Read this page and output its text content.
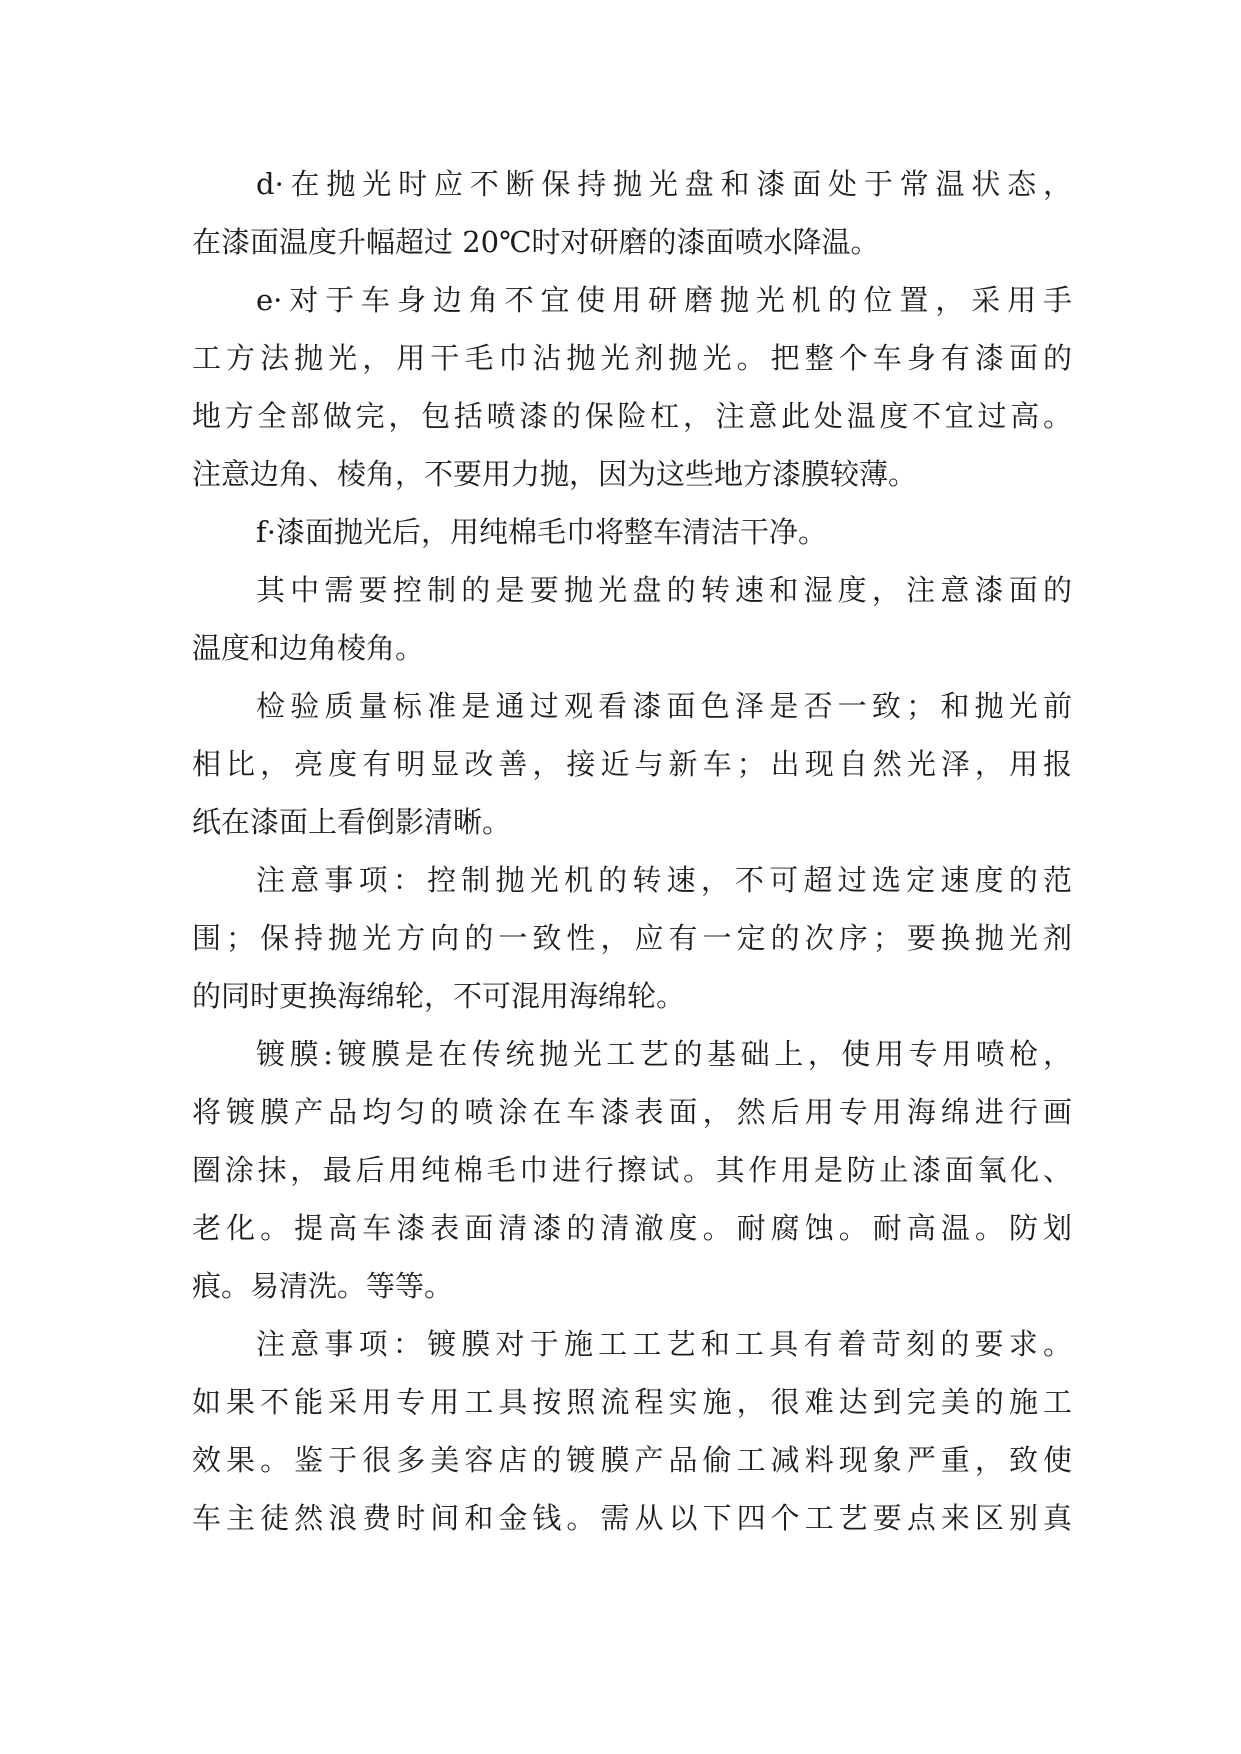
d·在抛光时应不断保持抛光盘和漆面处于常温状态，
在漆面温度升幅超过 20℃时对研磨的漆面喷水降温。
e·对于车身边角不宜使用研磨抛光机的位置，采用手
工方法抛光，用干毛巾沾抛光剂抛光。把整个车身有漆面的
地方全部做完，包括喷漆的保险杠，注意此处温度不宜过高。
注意边角、棱角，不要用力抛，因为这些地方漆膜较薄。
f·漆面抛光后，用纯棉毛巾将整车清洁干净。
其中需要控制的是要抛光盘的转速和湿度，注意漆面的
温度和边角棱角。
检验质量标准是通过观看漆面色泽是否一致；和抛光前
相比，亮度有明显改善，接近与新车；出现自然光泽，用报
纸在漆面上看倒影清晰。
注意事项：控制抛光机的转速，不可超过选定速度的范
围；保持抛光方向的一致性，应有一定的次序；要换抛光剂
的同时更换海绵轮，不可混用海绵轮。
镀膜:镀膜是在传统抛光工艺的基础上，使用专用喷枪，
将镀膜产品均匀的喷涂在车漆表面，然后用专用海绵进行画
圈涂抹，最后用纯棉毛巾进行擦试。其作用是防止漆面氧化、
老化。提高车漆表面清漆的清澈度。耐腐蚀。耐高温。防划
痕。易清洗。等等。
注意事项：镀膜对于施工工艺和工具有着苛刻的要求。
如果不能采用专用工具按照流程实施，很难达到完美的施工
效果。鉴于很多美容店的镀膜产品偷工减料现象严重，致使
车主徒然浪费时间和金钱。需从以下四个工艺要点来区别真
